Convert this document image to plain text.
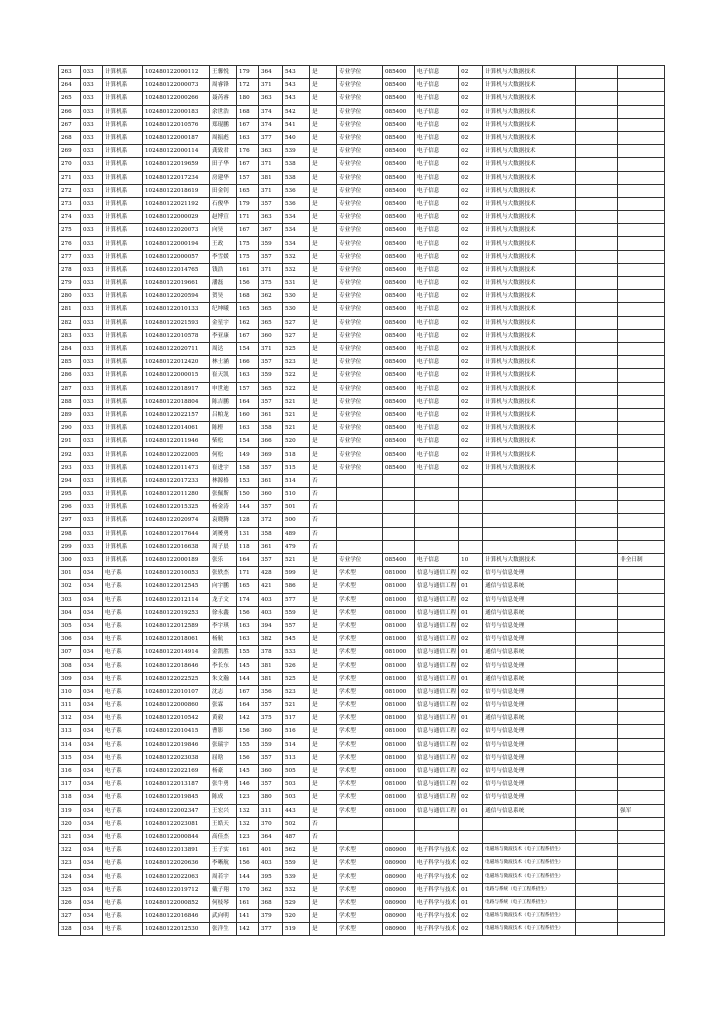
263	033	计算机系	102480122000112	王馨悦	179	364	543	是	专业学位	085400	电子信息	02	计算机与大数据技术		
264	033	计算机系	102480122000073	周睿锋	172	371	543	是	专业学位	085400	电子信息	02	计算机与大数据技术		
265	033	计算机系	102480122000266	聂芮睿	180	363	543	是	专业学位	085400	电子信息	02	计算机与大数据技术		
266	033	计算机系	102480122000183	余世浩	168	374	542	是	专业学位	085400	电子信息	02	计算机与大数据技术		
267	033	计算机系	102480122010576	郑琨鹏	167	374	541	是	专业学位	085400	电子信息	02	计算机与大数据技术		
268	033	计算机系	102480122000187	周振彪	163	377	540	是	专业学位	085400	电子信息	02	计算机与大数据技术		
269	033	计算机系	102480122000114	龚致君	176	363	539	是	专业学位	085400	电子信息	02	计算机与大数据技术		
270	033	计算机系	102480122019659	田子华	167	371	538	是	专业学位	085400	电子信息	02	计算机与大数据技术		
271	033	计算机系	102480122017234	房建华	157	381	538	是	专业学位	085400	电子信息	02	计算机与大数据技术		
272	033	计算机系	102480122018619	田金钊	165	371	536	是	专业学位	085400	电子信息	02	计算机与大数据技术		
273	033	计算机系	102480122021192	石俊华	179	357	536	是	专业学位	085400	电子信息	02	计算机与大数据技术		
274	033	计算机系	102480122000029	赵博宣	171	363	534	是	专业学位	085400	电子信息	02	计算机与大数据技术		
275	033	计算机系	102480122020073	向昊	167	367	534	是	专业学位	085400	电子信息	02	计算机与大数据技术		
276	033	计算机系	102480122000194	王政	175	359	534	是	专业学位	085400	电子信息	02	计算机与大数据技术		
277	033	计算机系	102480122000057	李雪媛	175	357	532	是	专业学位	085400	电子信息	02	计算机与大数据技术		
278	033	计算机系	102480122014765	钱浩	161	371	532	是	专业学位	085400	电子信息	02	计算机与大数据技术		
279	033	计算机系	102480122019661	潘磊	156	375	531	是	专业学位	085400	电子信息	02	计算机与大数据技术		
280	033	计算机系	102480122020594	贺昊	168	362	530	是	专业学位	085400	电子信息	02	计算机与大数据技术		
281	033	计算机系	102480122010133	纪坤曦	165	365	530	是	专业学位	085400	电子信息	02	计算机与大数据技术		
282	033	计算机系	102480122021593	金星宇	162	365	527	是	专业学位	085400	电子信息	02	计算机与大数据技术		
283	033	计算机系	102480122010578	李亚康	167	360	527	是	专业学位	085400	电子信息	02	计算机与大数据技术		
284	033	计算机系	102480122020711	周达	154	371	525	是	专业学位	085400	电子信息	02	计算机与大数据技术		
285	033	计算机系	102480122012420	林士涵	166	357	523	是	专业学位	085400	电子信息	02	计算机与大数据技术		
286	033	计算机系	102480122000015	崔天凯	163	359	522	是	专业学位	085400	电子信息	02	计算机与大数据技术		
287	033	计算机系	102480122018917	申世迪	157	365	522	是	专业学位	085400	电子信息	02	计算机与大数据技术		
288	033	计算机系	102480122018804	陈吉鹏	164	357	521	是	专业学位	085400	电子信息	02	计算机与大数据技术		
289	033	计算机系	102480122022157	吕帕龙	160	361	521	是	专业学位	085400	电子信息	02	计算机与大数据技术		
290	033	计算机系	102480122014061	陈橙	163	358	521	是	专业学位	085400	电子信息	02	计算机与大数据技术		
291	033	计算机系	102480122011946	柴松	154	366	520	是	专业学位	085400	电子信息	02	计算机与大数据技术		
292	033	计算机系	102480122022005	何松	149	369	518	是	专业学位	085400	电子信息	02	计算机与大数据技术		
293	033	计算机系	102480122011473	崔进宇	158	357	515	是	专业学位	085400	电子信息	02	计算机与大数据技术		
294	033	计算机系	102480122017233	林源格	153	361	514	否							
295	033	计算机系	102480122011280	张佩斯	150	360	510	否							
296	033	计算机系	102480122015325	杨金涛	144	357	501	否							
297	033	计算机系	102480122020974	袁晓腾	128	372	500	否							
298	033	计算机系	102480122017644	刘赟勇	131	358	489	否							
299	033	计算机系	102480122016638	周子晨	118	361	479	否							
300	033	计算机系	102480122000189	张乐	164	357	521	是	专业学位	085400	电子信息	10	计算机与大数据技术		非全日制
301	034	电子系	102480122010053	张轶杰	171	428	599	是	学术型	081000	信息与通信工程	02	信号与信息处理		
302	034	电子系	102480122012545	向宇鹏	165	421	586	是	学术型	081000	信息与通信工程	01	通信与信息系统		
303	034	电子系	102480122012114	龙子文	174	403	577	是	学术型	081000	信息与通信工程	02	信号与信息处理		
304	034	电子系	102480122019253	徐永鑫	156	403	559	是	学术型	081000	信息与通信工程	01	通信与信息系统		
305	034	电子系	102480122012589	李宇琪	163	394	557	是	学术型	081000	信息与通信工程	02	信号与信息处理		
306	034	电子系	102480122018061	杨航	163	382	545	是	学术型	081000	信息与通信工程	02	信号与信息处理		
307	034	电子系	102480122014914	金凯胜	155	378	533	是	学术型	081000	信息与通信工程	01	通信与信息系统		
308	034	电子系	102480122018646	李长东	145	381	526	是	学术型	081000	信息与通信工程	02	信号与信息处理		
309	034	电子系	102480122022525	朱文瀚	144	381	525	是	学术型	081000	信息与通信工程	01	通信与信息系统		
310	034	电子系	102480122010107	沈志	167	356	523	是	学术型	081000	信息与通信工程	02	信号与信息处理		
311	034	电子系	102480122000860	张霖	164	357	521	是	学术型	081000	信息与通信工程	02	信号与信息处理		
312	034	电子系	102480122010542	黄毅	142	375	517	是	学术型	081000	信息与通信工程	01	通信与信息系统		
313	034	电子系	102480122010415	曹影	156	360	516	是	学术型	081000	信息与通信工程	02	信号与信息处理		
314	034	电子系	102480122019846	张瑞宇	155	359	514	是	学术型	081000	信息与通信工程	02	信号与信息处理		
315	034	电子系	102480122023038	屈晗	156	357	513	是	学术型	081000	信息与通信工程	02	信号与信息处理		
316	034	电子系	102480122022169	杨豪	145	360	505	是	学术型	081000	信息与通信工程	02	信号与信息处理		
317	034	电子系	102480122013187	张牛勇	146	357	503	是	学术型	081000	信息与通信工程	02	信号与信息处理		
318	034	电子系	102480122019845	陈成	123	380	503	是	学术型	081000	信息与通信工程	02	信号与信息处理		
319	034	电子系	102480122002347	王宏兴	132	311	443	是	学术型	081000	信息与通信工程	01	通信与信息系统		强军
320	034	电子系	102480122023081	王皓天	132	370	502	否							
321	034	电子系	102480122000844	高佳杰	123	364	487	否							
322	034	电子系	102480122013891	王子实	161	401	562	是	学术型	080900	电子科学与技术	02	电磁场与微波技术（电子工程系招生）		
323	034	电子系	102480122020636	李晰航	156	403	559	是	学术型	080900	电子科学与技术	02	电磁场与微波技术（电子工程系招生）		
324	034	电子系	102480122022063	周若宇	144	395	539	是	学术型	080900	电子科学与技术	02	电磁场与微波技术（电子工程系招生）		
325	034	电子系	102480122019712	戴子翔	170	362	532	是	学术型	080900	电子科学与技术	01	电路与系统（电子工程系招生）		
326	034	电子系	102480122000852	何枝琴	161	368	529	是	学术型	080900	电子科学与技术	01	电路与系统（电子工程系招生）		
327	034	电子系	102480122016846	武向明	141	379	520	是	学术型	080900	电子科学与技术	02	电磁场与微波技术（电子工程系招生）		
328	034	电子系	102480122012530	张洋生	142	377	519	是	学术型	080900	电子科学与技术	02	电磁场与微波技术（电子工程系招生）		
